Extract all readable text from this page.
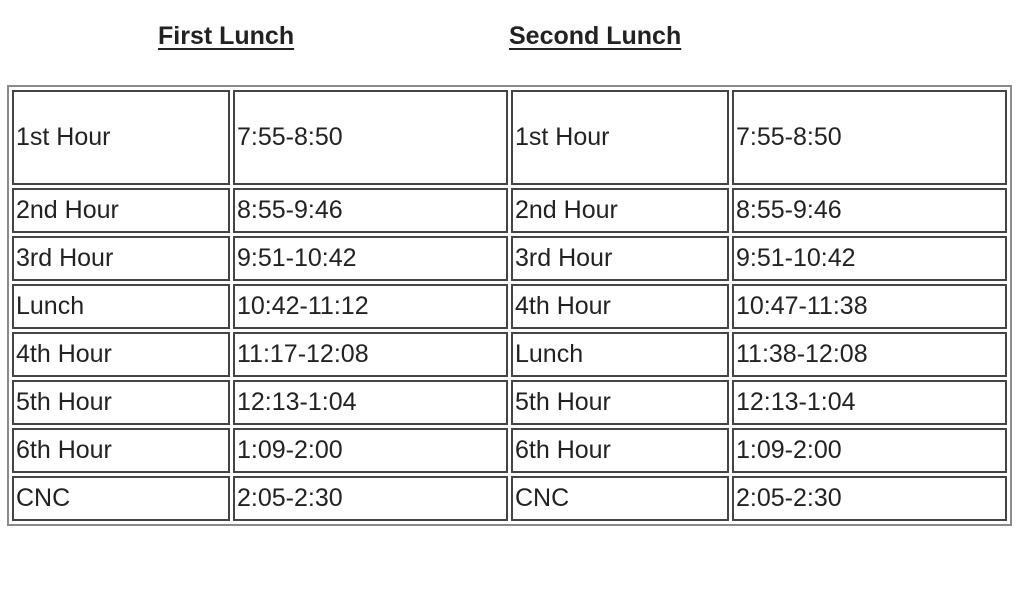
First Lunch	Second Lunch
1st Hour	7:55-8:50	1st Hour	7:55-8:50
2nd Hour	8:55-9:46	2nd Hour	8:55-9:46
3rd Hour	9:51-10:42	3rd Hour	9:51-10:42
Lunch	10:42-11:12	4th Hour	10:47-11:38
4th Hour	11:17-12:08	Lunch	11:38-12:08
5th Hour	12:13-1:04	5th Hour	12:13-1:04
6th Hour	1:09-2:00	6th Hour	1:09-2:00
CNC	2:05-2:30	CNC	2:05-2:30
